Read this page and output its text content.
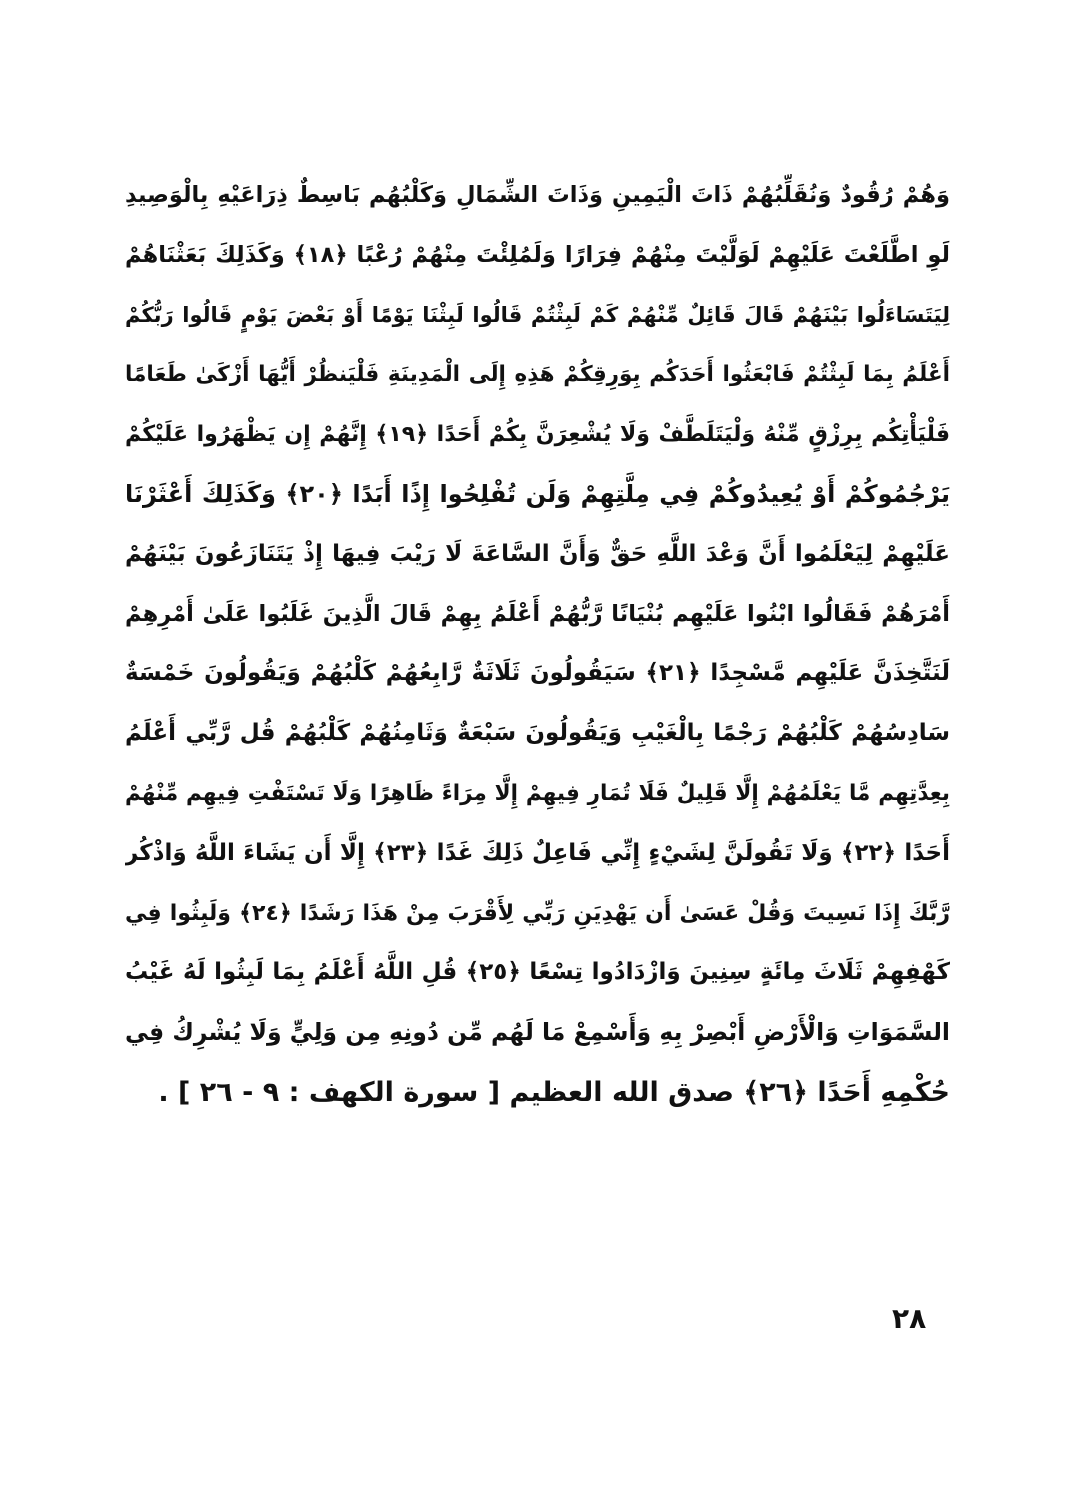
وَهُمْ رُقُودٌ وَنُقَلِّبُهُمْ ذَاتَ الْيَمِينِ وَذَاتَ الشِّمَالِ وَكَلْبُهُم بَاسِطٌ ذِرَاعَيْهِ بِالْوَصِيدِ
لَوِ اطَّلَعْتَ عَلَيْهِمْ لَوَلَّيْتَ مِنْهُمْ فِرَارًا وَلَمُلِئْتَ مِنْهُمْ رُعْبًا ﴿١٨﴾ وَكَذَلِكَ بَعَثْنَاهُمْ
لِيَتَسَاءَلُوا بَيْنَهُمْ قَالَ قَائِلٌ مِّنْهُمْ كَمْ لَبِثْتُمْ قَالُوا لَبِثْنَا يَوْمًا أَوْ بَعْضَ يَوْمٍ قَالُوا رَبُّكُمْ
أَعْلَمُ بِمَا لَبِثْتُمْ فَابْعَثُوا أَحَدَكُم بِوَرِقِكُمْ هَذِهِ إِلَى الْمَدِينَةِ فَلْيَنظُرْ أَيُّهَا أَزْكَىٰ طَعَامًا
فَلْيَأْتِكُم بِرِزْقٍ مِّنْهُ وَلْيَتَلَطَّفْ وَلَا يُشْعِرَنَّ بِكُمْ أَحَدًا ﴿١٩﴾ إِنَّهُمْ إِن يَظْهَرُوا عَلَيْكُمْ
يَرْجُمُوكُمْ أَوْ يُعِيدُوكُمْ فِي مِلَّتِهِمْ وَلَن تُفْلِحُوا إِذًا أَبَدًا ﴿٢٠﴾ وَكَذَلِكَ أَعْثَرْنَا
عَلَيْهِمْ لِيَعْلَمُوا أَنَّ وَعْدَ اللَّهِ حَقٌّ وَأَنَّ السَّاعَةَ لَا رَيْبَ فِيهَا إِذْ يَتَنَازَعُونَ بَيْنَهُمْ
أَمْرَهُمْ فَقَالُوا ابْنُوا عَلَيْهِم بُنْيَانًا رَّبُّهُمْ أَعْلَمُ بِهِمْ قَالَ الَّذِينَ غَلَبُوا عَلَىٰ أَمْرِهِمْ
لَنَتَّخِذَنَّ عَلَيْهِم مَّسْجِدًا ﴿٢١﴾ سَيَقُولُونَ ثَلَاثَةٌ رَّابِعُهُمْ كَلْبُهُمْ وَيَقُولُونَ خَمْسَةٌ
سَادِسُهُمْ كَلْبُهُمْ رَجْمًا بِالْغَيْبِ وَيَقُولُونَ سَبْعَةٌ وَثَامِنُهُمْ كَلْبُهُمْ قُل رَّبِّي أَعْلَمُ
بِعِدَّتِهِم مَّا يَعْلَمُهُمْ إِلَّا قَلِيلٌ فَلَا تُمَارِ فِيهِمْ إِلَّا مِرَاءً ظَاهِرًا وَلَا تَسْتَفْتِ فِيهِم مِّنْهُمْ
أَحَدًا ﴿٢٢﴾ وَلَا تَقُولَنَّ لِشَيْءٍ إِنِّي فَاعِلٌ ذَلِكَ غَدًا ﴿٢٣﴾ إِلَّا أَن يَشَاءَ اللَّهُ وَاذْكُر
رَّبَّكَ إِذَا نَسِيتَ وَقُلْ عَسَىٰ أَن يَهْدِيَنِ رَبِّي لِأَقْرَبَ مِنْ هَذَا رَشَدًا ﴿٢٤﴾ وَلَبِثُوا فِي
كَهْفِهِمْ ثَلَاثَ مِائَةٍ سِنِينَ وَازْدَادُوا تِسْعًا ﴿٢٥﴾ قُلِ اللَّهُ أَعْلَمُ بِمَا لَبِثُوا لَهُ غَيْبُ
السَّمَوَاتِ وَالْأَرْضِ أَبْصِرْ بِهِ وَأَسْمِعْ مَا لَهُم مِّن دُونِهِ مِن وَلِيٍّ وَلَا يُشْرِكُ فِي
حُكْمِهِ أَحَدًا ﴿٢٦﴾ صدق الله العظيم [ سورة الكهف : ٩ - ٢٦ ] .
٢٨
